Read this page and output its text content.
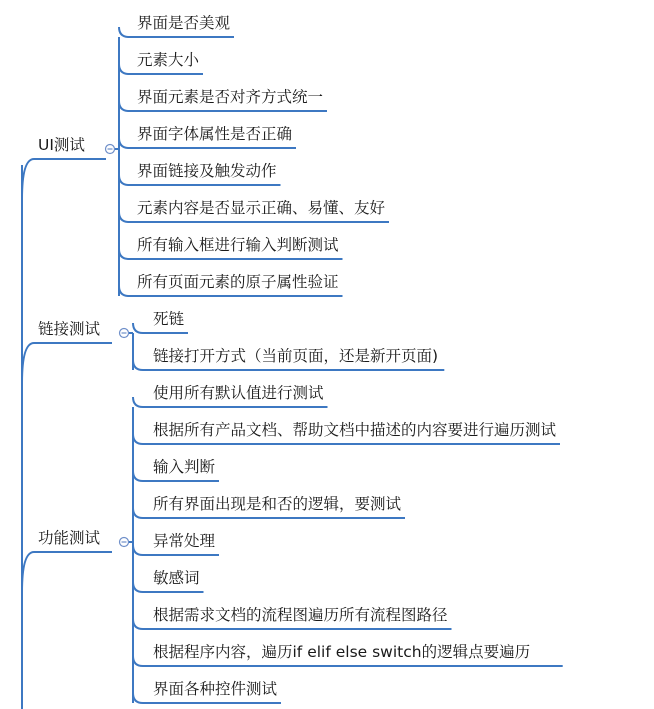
UI测试
界面是否美观
元素大小
界面元素是否对齐方式统一
界面字体属性是否正确
界面链接及触发动作
元素内容是否显示正确、易懂、友好
所有输入框进行输入判断测试
所有页面元素的原子属性验证
链接测试
死链
链接打开方式（当前页面，还是新开页面)
功能测试
使用所有默认值进行测试
根据所有产品文档、帮助文档中描述的内容要进行遍历测试
输入判断
所有界面出现是和否的逻辑，要测试
异常处理
敏感词
根据需求文档的流程图遍历所有流程图路径
根据程序内容，遍历if elif else switch的逻辑点要遍历
界面各种控件测试
